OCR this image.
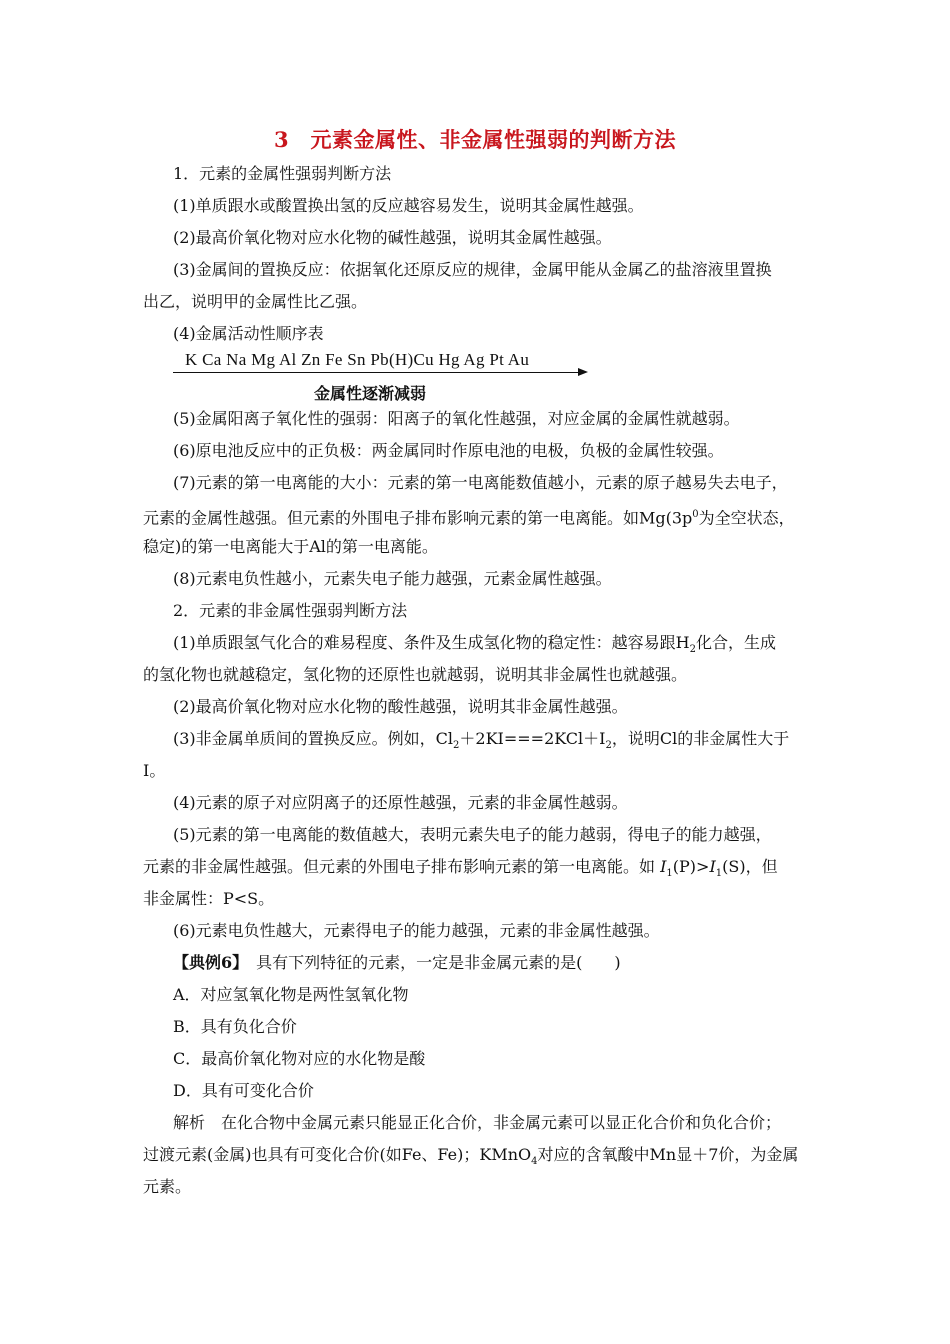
3　元素金属性、非金属性强弱的判断方法
1．元素的金属性强弱判断方法
(1)单质跟水或酸置换出氢的反应越容易发生，说明其金属性越强。
(2)最高价氧化物对应水化物的碱性越强，说明其金属性越强。
(3)金属间的置换反应：依据氧化还原反应的规律，金属甲能从金属乙的盐溶液里置换
出乙，说明甲的金属性比乙强。
(4)金属活动性顺序表
K Ca Na Mg Al Zn Fe Sn Pb(H)Cu Hg Ag Pt Au
金属性逐渐减弱
(5)金属阳离子氧化性的强弱：阳离子的氧化性越强，对应金属的金属性就越弱。
(6)原电池反应中的正负极：两金属同时作原电池的电极，负极的金属性较强。
(7)元素的第一电离能的大小：元素的第一电离能数值越小，元素的原子越易失去电子，
元素的金属性越强。但元素的外围电子排布影响元素的第一电离能。如$Mg(3p^0$为全空状态，
稳定)的第一电离能大于Al的第一电离能。
(8)元素电负性越小，元素失电子能力越强，元素金属性越强。
2．元素的非金属性强弱判断方法
(1)单质跟氢气化合的难易程度、条件及生成氢化物的稳定性：越容易跟$H_2$化合，生成
的氢化物也就越稳定，氢化物的还原性也就越弱，说明其非金属性也就越强。
(2)最高价氧化物对应水化物的酸性越强，说明其非金属性越强。
(3)非金属单质间的置换反应。例如，$Cl_2+2KI===2KCl+I_2$，说明Cl的非金属性大于
I。
(4)元素的原子对应阴离子的还原性越强，元素的非金属性越弱。
(5)元素的第一电离能的数值越大，表明元素失电子的能力越弱，得电子的能力越强，
元素的非金属性越强。但元素的外围电子排布影响元素的第一电离能。如 $I_1(P)>I_1(S)$，但
非金属性：P<S。
(6)元素电负性越大，元素得电子的能力越强，元素的非金属性越强。
【典例6】　具有下列特征的元素，一定是非金属元素的是(　　)
A．对应氢氧化物是两性氢氧化物
B．具有负化合价
C．最高价氧化物对应的水化物是酸
D．具有可变化合价
解析　在化合物中金属元素只能显正化合价，非金属元素可以显正化合价和负化合价；
过渡元素(金属)也具有可变化合价(如Fe、Fe)；KMnO$_4$对应的含氧酸中Mn显＋7价，为金属
元素。
